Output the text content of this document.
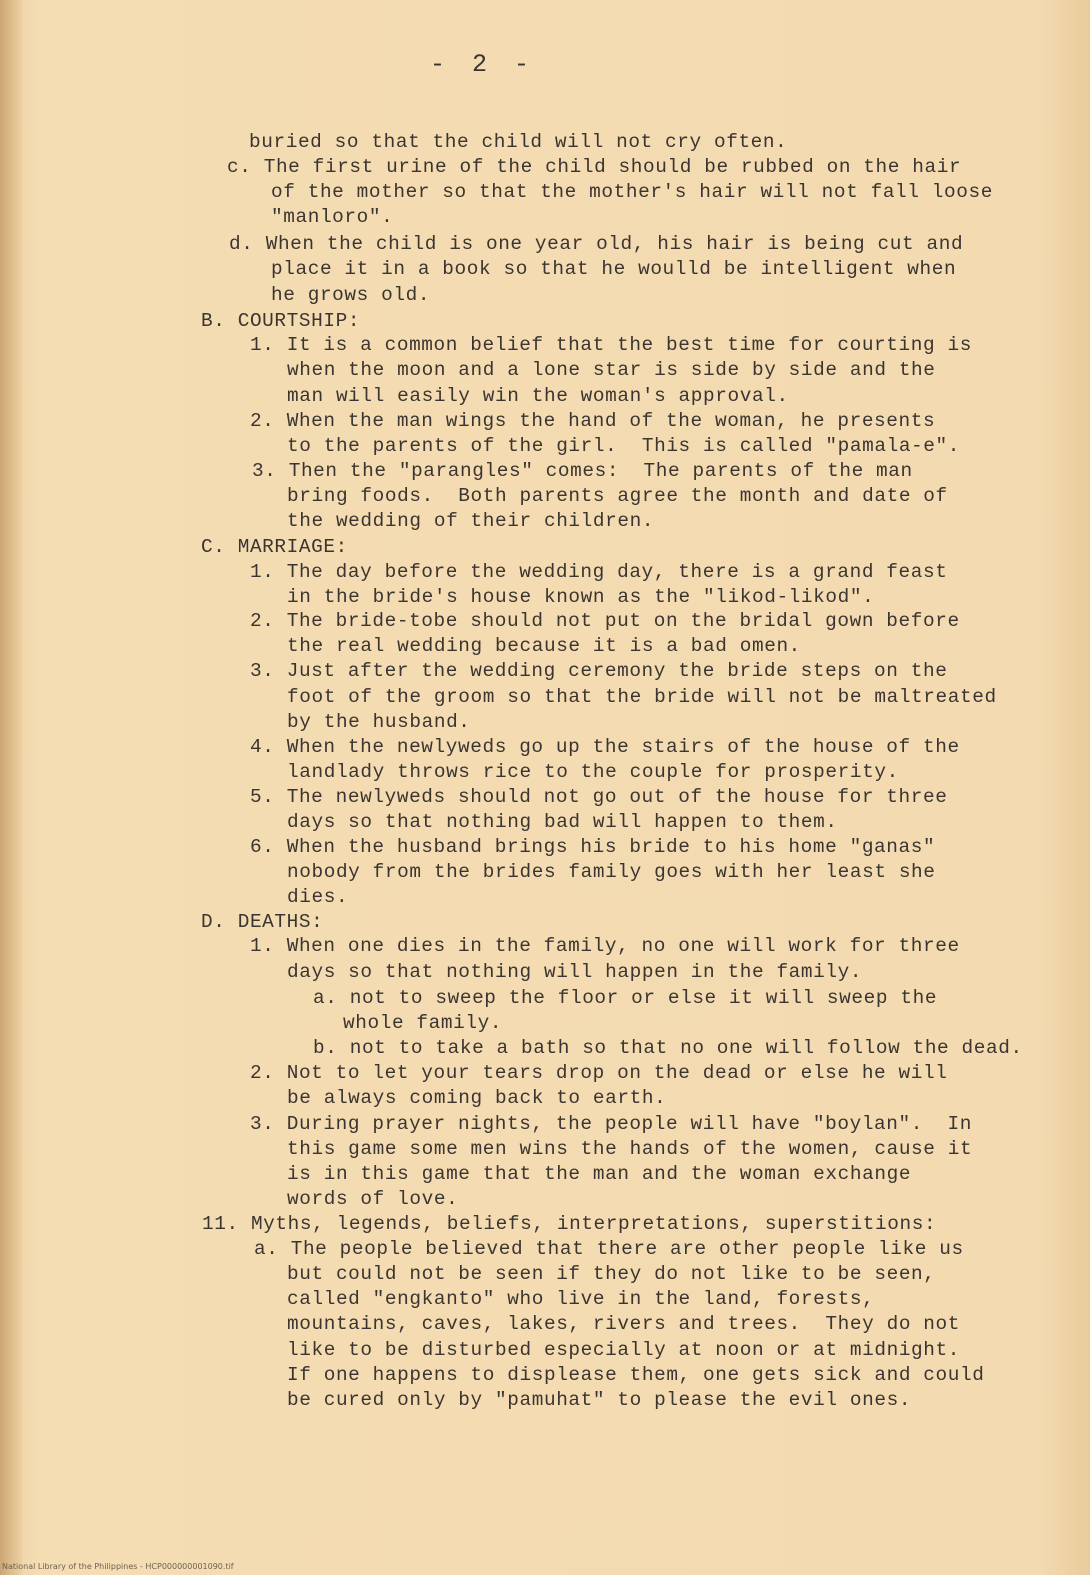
- 2 -
buried so that the child will not cry often.
c. The first urine of the child should be rubbed on the hair
of the mother so that the mother's hair will not fall loose
"manloro".
d. When the child is one year old, his hair is being cut and
place it in a book so that he woulld be intelligent when
he grows old.
B. COURTSHIP:
1. It is a common belief that the best time for courting is
when the moon and a lone star is side by side and the
man will easily win the woman's approval.
2. When the man wings the hand of the woman, he presents
to the parents of the girl.  This is called "pamala-e".
3. Then the "parangles" comes:  The parents of the man
bring foods.  Both parents agree the month and date of
the wedding of their children.
C. MARRIAGE:
1. The day before the wedding day, there is a grand feast
in the bride's house known as the "likod-likod".
2. The bride-tobe should not put on the bridal gown before
the real wedding because it is a bad omen.
3. Just after the wedding ceremony the bride steps on the
foot of the groom so that the bride will not be maltreated
by the husband.
4. When the newlyweds go up the stairs of the house of the
landlady throws rice to the couple for prosperity.
5. The newlyweds should not go out of the house for three
days so that nothing bad will happen to them.
6. When the husband brings his bride to his home "ganas"
nobody from the brides family goes with her least she
dies.
D. DEATHS:
1. When one dies in the family, no one will work for three
days so that nothing will happen in the family.
a. not to sweep the floor or else it will sweep the
whole family.
b. not to take a bath so that no one will follow the dead.
2. Not to let your tears drop on the dead or else he will
be always coming back to earth.
3. During prayer nights, the people will have "boylan".  In
this game some men wins the hands of the women, cause it
is in this game that the man and the woman exchange
words of love.
11. Myths, legends, beliefs, interpretations, superstitions:
a. The people believed that there are other people like us
but could not be seen if they do not like to be seen,
called "engkanto" who live in the land, forests,
mountains, caves, lakes, rivers and trees.  They do not
like to be disturbed especially at noon or at midnight.
If one happens to displease them, one gets sick and could
be cured only by "pamuhat" to please the evil ones.
National Library of the Philippines - HCP000000001090.tif
